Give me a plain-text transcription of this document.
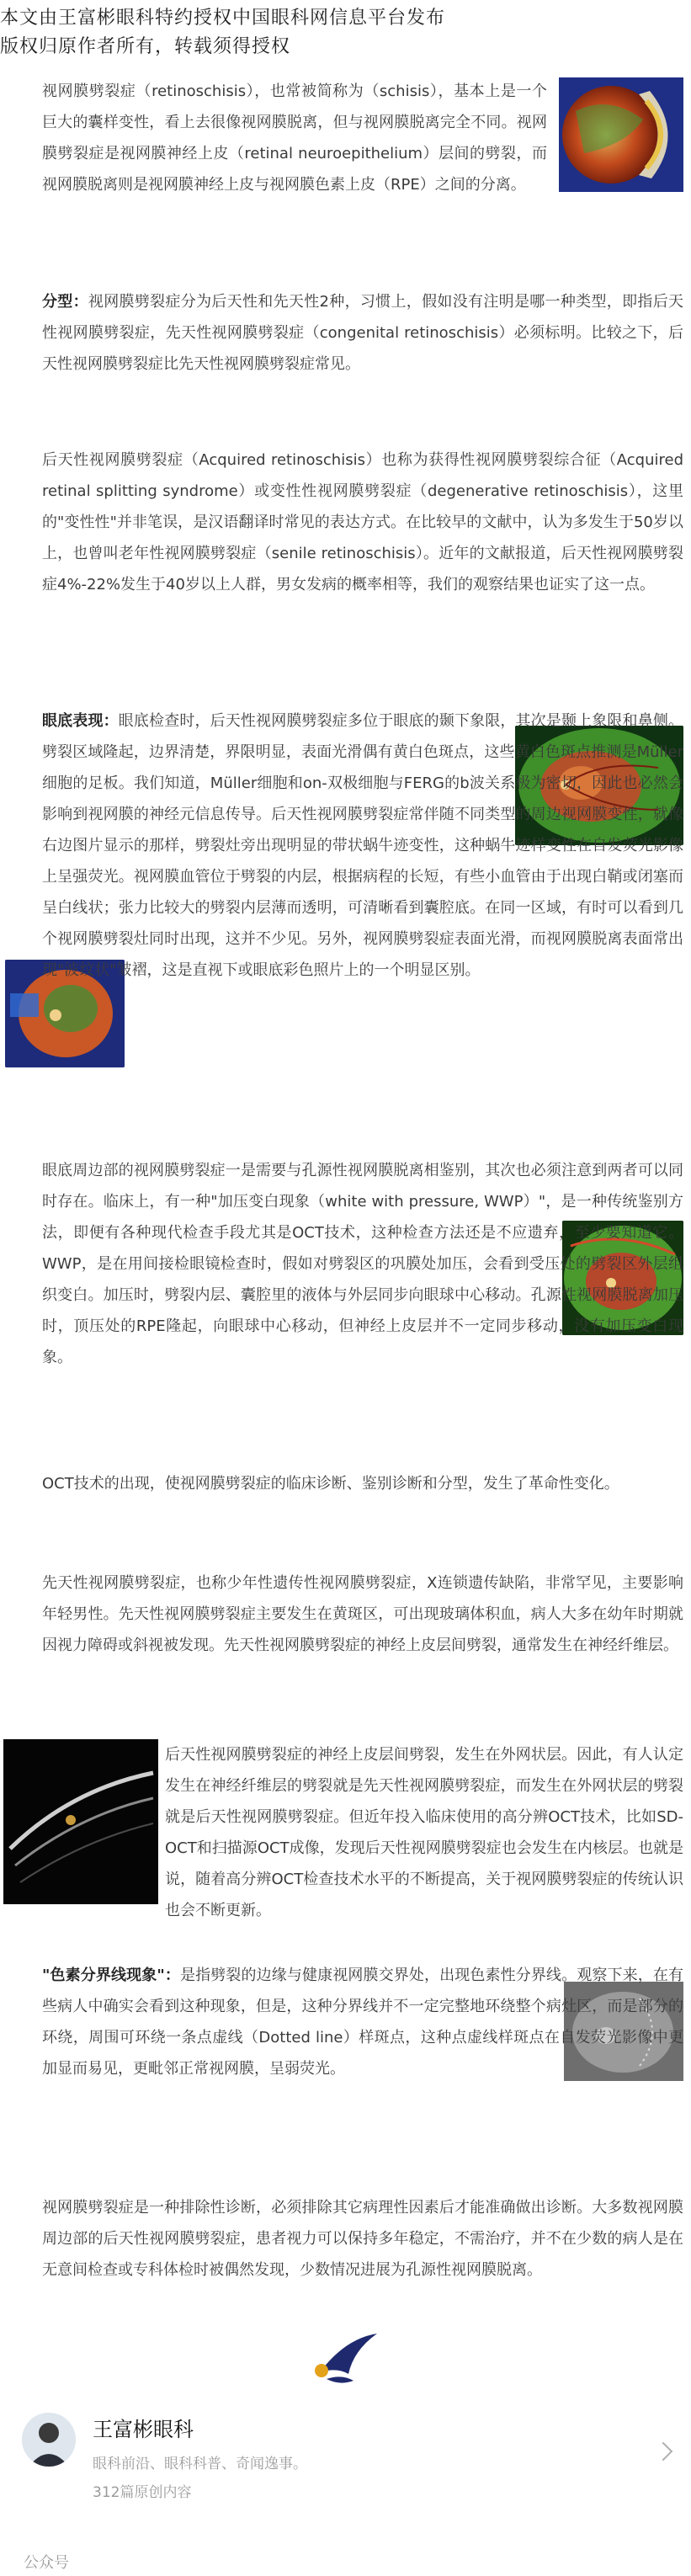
本文由王富彬眼科特约授权中国眼科网信息平台发布
版权归原作者所有，转载须得授权

视网膜劈裂症（retinoschisis），也常被简称为（schisis），基本上是一个巨大的囊样变性，看上去很像视网膜脱离，但与视网膜脱离完全不同。视网膜劈裂症是视网膜神经上皮（retinal neuroepithelium）层间的劈裂，而视网膜脱离则是视网膜神经上皮与视网膜色素上皮（RPE）之间的分离。

分型：视网膜劈裂症分为后天性和先天性2种，习惯上，假如没有注明是哪一种类型，即指后天性视网膜劈裂症，先天性视网膜劈裂症（congenital retinoschisis）必须标明。比较之下，后天性视网膜劈裂症比先天性视网膜劈裂症常见。

后天性视网膜劈裂症（Acquired retinoschisis）也称为获得性视网膜劈裂综合征（Acquired retinal splitting syndrome）或变性性视网膜劈裂症（degenerative retinoschisis），这里的"变性性"并非笔误，是汉语翻译时常见的表达方式。在比较早的文献中，认为多发生于50岁以上，也曾叫老年性视网膜劈裂症（senile retinoschisis）。近年的文献报道，后天性视网膜劈裂症4%-22%发生于40岁以上人群，男女发病的概率相等，我们的观察结果也证实了这一点。

眼底表现：眼底检查时，后天性视网膜劈裂症多位于眼底的颞下象限，其次是颞上象限和鼻侧。劈裂区域隆起，边界清楚，界限明显，表面光滑偶有黄白色斑点，这些黄白色斑点推测是Müller细胞的足板。我们知道，Müller细胞和on-双极细胞与FERG的b波关系极为密切，因此也必然会影响到视网膜的神经元信息传导。后天性视网膜劈裂症常伴随不同类型的周边视网膜变性，就像右边图片显示的那样，劈裂灶旁出现明显的带状蜗牛迹变性，这种蜗牛迹样变性在自发荧光影像上呈强荧光。视网膜血管位于劈裂的内层，根据病程的长短，有些小血管由于出现白鞘或闭塞而呈白线状；张力比较大的劈裂内层薄而透明，可清晰看到囊腔底。在同一区域，有时可以看到几个视网膜劈裂灶同时出现，这并不少见。另外，视网膜劈裂症表面光滑，而视网膜脱离表面常出现"波纹状"皱褶，这是直视下或眼底彩色照片上的一个明显区别。

眼底周边部的视网膜劈裂症一是需要与孔源性视网膜脱离相鉴别，其次也必须注意到两者可以同时存在。临床上，有一种"加压变白现象（white with pressure, WWP）"，是一种传统鉴别方法，即便有各种现代检查手段尤其是OCT技术，这种检查方法还是不应遗弃，至少要知道它。WWP，是在用间接检眼镜检查时，假如对劈裂区的巩膜处加压，会看到受压处的劈裂区外层组织变白。加压时，劈裂内层、囊腔里的液体与外层同步向眼球中心移动。孔源性视网膜脱离加压时，顶压处的RPE隆起，向眼球中心移动，但神经上皮层并不一定同步移动，没有加压变白现象。

OCT技术的出现，使视网膜劈裂症的临床诊断、鉴别诊断和分型，发生了革命性变化。

先天性视网膜劈裂症，也称少年性遗传性视网膜劈裂症，X连锁遗传缺陷，非常罕见，主要影响年轻男性。先天性视网膜劈裂症主要发生在黄斑区，可出现玻璃体积血，病人大多在幼年时期就因视力障碍或斜视被发现。先天性视网膜劈裂症的神经上皮层间劈裂，通常发生在神经纤维层。

后天性视网膜劈裂症的神经上皮层间劈裂，发生在外网状层。因此，有人认定发生在神经纤维层的劈裂就是先天性视网膜劈裂症，而发生在外网状层的劈裂就是后天性视网膜劈裂症。但近年投入临床使用的高分辨OCT技术，比如SD-OCT和扫描源OCT成像，发现后天性视网膜劈裂症也会发生在内核层。也就是说，随着高分辨OCT检查技术水平的不断提高，关于视网膜劈裂症的传统认识也会不断更新。

"色素分界线现象"：是指劈裂的边缘与健康视网膜交界处，出现色素性分界线。观察下来，在有些病人中确实会看到这种现象，但是，这种分界线并不一定完整地环绕整个病灶区，而是部分的环绕，周围可环绕一条点虚线（Dotted line）样斑点，这种点虚线样斑点在自发荧光影像中更加显而易见，更毗邻正常视网膜，呈弱荧光。

视网膜劈裂症是一种排除性诊断，必须排除其它病理性因素后才能准确做出诊断。大多数视网膜周边部的后天性视网膜劈裂症，患者视力可以保持多年稳定，不需治疗，并不在少数的病人是在无意间检查或专科体检时被偶然发现，少数情况进展为孔源性视网膜脱离。

王富彬眼科
眼科前沿、眼科科普、奇闻逸事。
312篇原创内容
公众号
